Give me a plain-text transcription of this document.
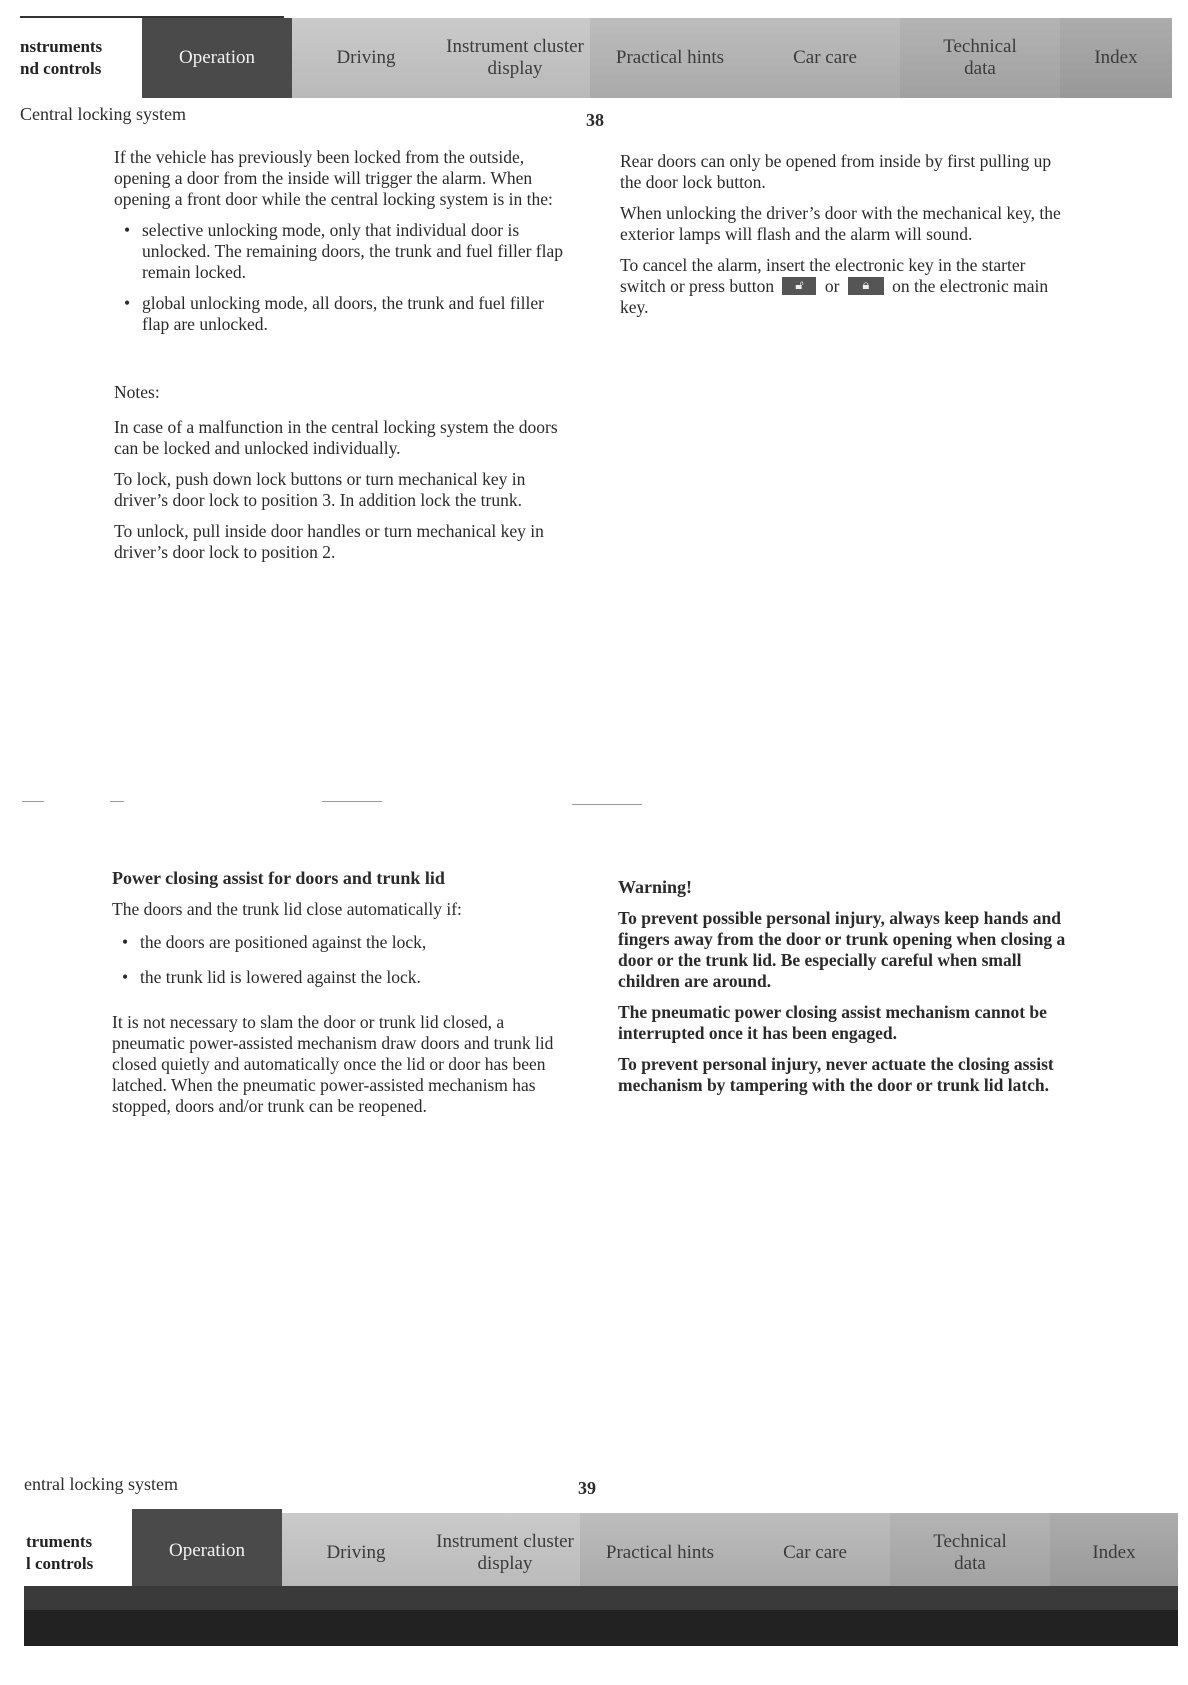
nstruments
nd controls
Operation	Driving
Instrument cluster display
Practical hints	Car care
Technical data
Index
Central locking system	38

If the vehicle has previously been locked from the outside, opening a door from the inside will trigger the alarm. When opening a front door while the central locking system is in the:

• selective unlocking mode, only that individual door is unlocked. The remaining doors, the trunk and fuel filler flap remain locked.
• global unlocking mode, all doors, the trunk and fuel filler flap are unlocked.

Notes:

In case of a malfunction in the central locking system the doors can be locked and unlocked individually.

To lock, push down lock buttons or turn mechanical key in driver’s door lock to position 3. In addition lock the trunk.

To unlock, pull inside door handles or turn mechanical key in driver’s door lock to position 2.

Rear doors can only be opened from inside by first pulling up the door lock button.

When unlocking the driver’s door with the mechanical key, the exterior lamps will flash and the alarm will sound.

To cancel the alarm, insert the electronic key in the starter switch or press button	🔓︎	or	🔒︎	on the electronic main key.

Power closing assist for doors and trunk lid

The doors and the trunk lid close automatically if:

• the doors are positioned against the lock,
• the trunk lid is lowered against the lock.

It is not necessary to slam the door or trunk lid closed, a pneumatic power-assisted mechanism draw doors and trunk lid closed quietly and automatically once the lid or door has been latched. When the pneumatic power-assisted mechanism has stopped, doors and/or trunk can be reopened.

Warning!

To prevent possible personal injury, always keep hands and fingers away from the door or trunk opening when closing a door or the trunk lid. Be especially careful when small children are around.

The pneumatic power closing assist mechanism cannot be interrupted once it has been engaged.

To prevent personal injury, never actuate the closing assist mechanism by tampering with the door or trunk lid latch.

entral locking system	39
truments
l controls
Operation	Driving
Instrument cluster display
Practical hints	Car care
Technical data
Index
